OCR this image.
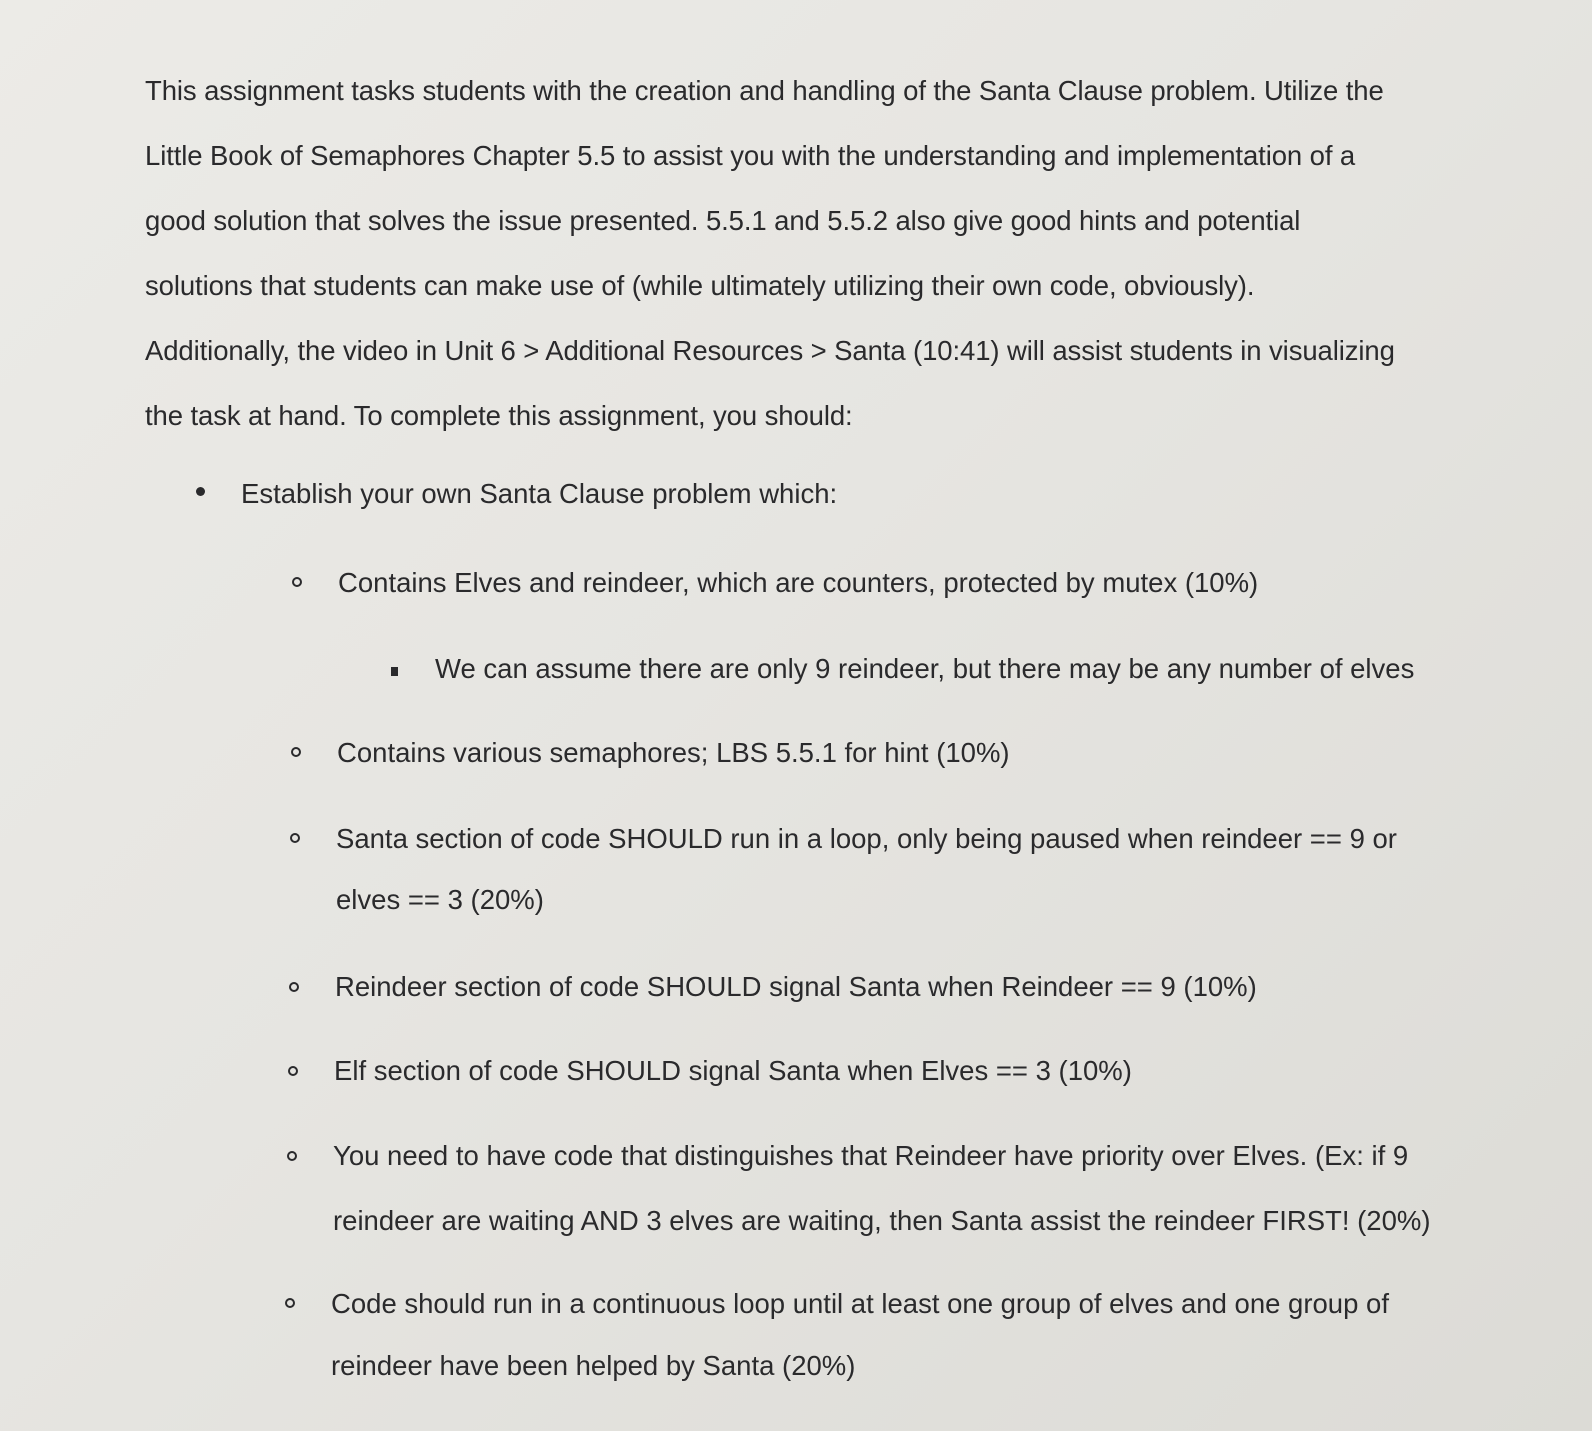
This assignment tasks students with the creation and handling of the Santa Clause problem. Utilize the

Little Book of Semaphores Chapter 5.5 to assist you with the understanding and implementation of a

good solution that solves the issue presented. 5.5.1 and 5.5.2 also give good hints and potential

solutions that students can make use of (while ultimately utilizing their own code, obviously).

Additionally, the video in Unit 6 > Additional Resources > Santa (10:41) will assist students in visualizing

the task at hand. To complete this assignment, you should:

Establish your own Santa Clause problem which:
Contains Elves and reindeer, which are counters, protected by mutex (10%)
We can assume there are only 9 reindeer, but there may be any number of elves
Contains various semaphores; LBS 5.5.1 for hint (10%)
Santa section of code SHOULD run in a loop, only being paused when reindeer == 9 or
elves == 3 (20%)
Reindeer section of code SHOULD signal Santa when Reindeer == 9 (10%)
Elf section of code SHOULD signal Santa when Elves == 3 (10%)
You need to have code that distinguishes that Reindeer have priority over Elves. (Ex: if 9
reindeer are waiting AND 3 elves are waiting, then Santa assist the reindeer FIRST! (20%)
Code should run in a continuous loop until at least one group of elves and one group of
reindeer have been helped by Santa (20%)
